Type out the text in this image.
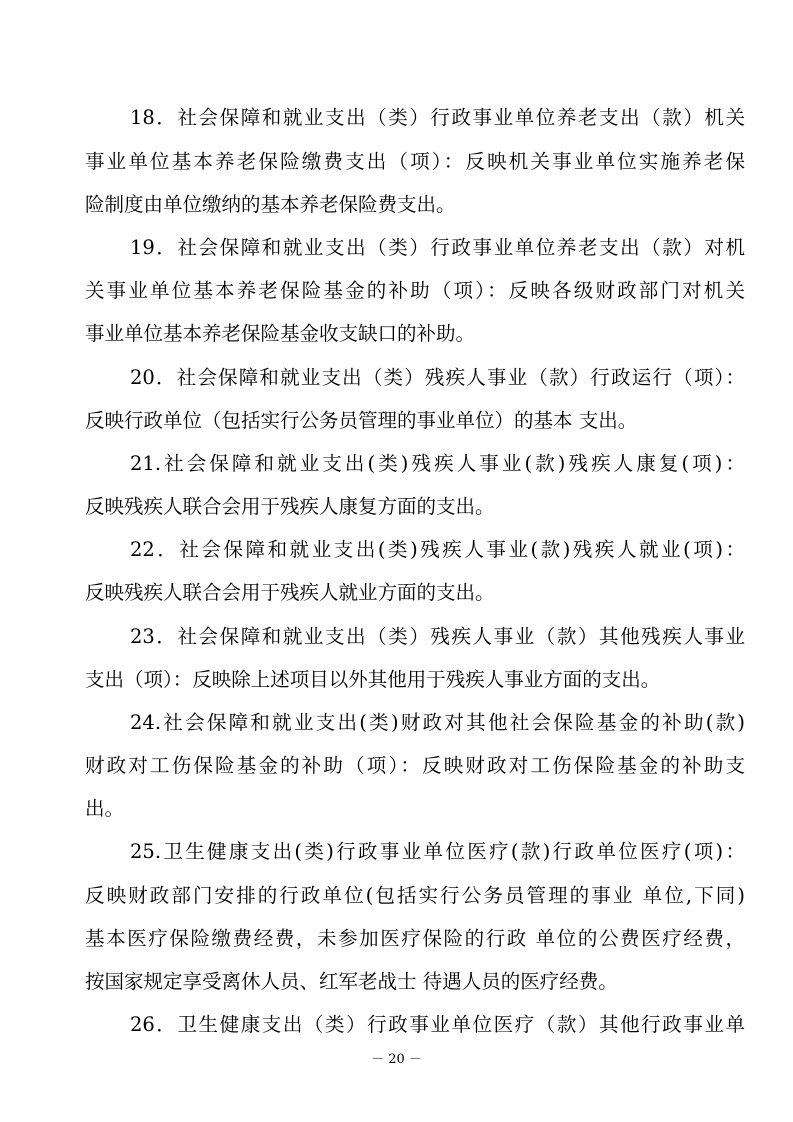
18．社会保障和就业支出（类）行政事业单位养老支出（款）机关
事业单位基本养老保险缴费支出（项）：反映机关事业单位实施养老保
险制度由单位缴纳的基本养老保险费支出。
19．社会保障和就业支出（类）行政事业单位养老支出（款）对机
关事业单位基本养老保险基金的补助（项）：反映各级财政部门对机关
事业单位基本养老保险基金收支缺口的补助。
20．社会保障和就业支出（类）残疾人事业（款）行政运行（项）：
反映行政单位（包括实行公务员管理的事业单位）的基本 支出。
21.社会保障和就业支出(类)残疾人事业(款)残疾人康复(项)：
反映残疾人联合会用于残疾人康复方面的支出。
22．社会保障和就业支出(类)残疾人事业(款)残疾人就业(项)：
反映残疾人联合会用于残疾人就业方面的支出。
23．社会保障和就业支出（类）残疾人事业（款）其他残疾人事业
支出（项）：反映除上述项目以外其他用于残疾人事业方面的支出。
24.社会保障和就业支出(类)财政对其他社会保险基金的补助(款)
财政对工伤保险基金的补助（项）：反映财政对工伤保险基金的补助支
出。
25.卫生健康支出(类)行政事业单位医疗(款)行政单位医疗(项)：
反映财政部门安排的行政单位(包括实行公务员管理的事业 单位,下同)
基本医疗保险缴费经费，未参加医疗保险的行政 单位的公费医疗经费，
按国家规定享受离休人员、红军老战士 待遇人员的医疗经费。
26．卫生健康支出（类）行政事业单位医疗（款）其他行政事业单
－ 20 －
